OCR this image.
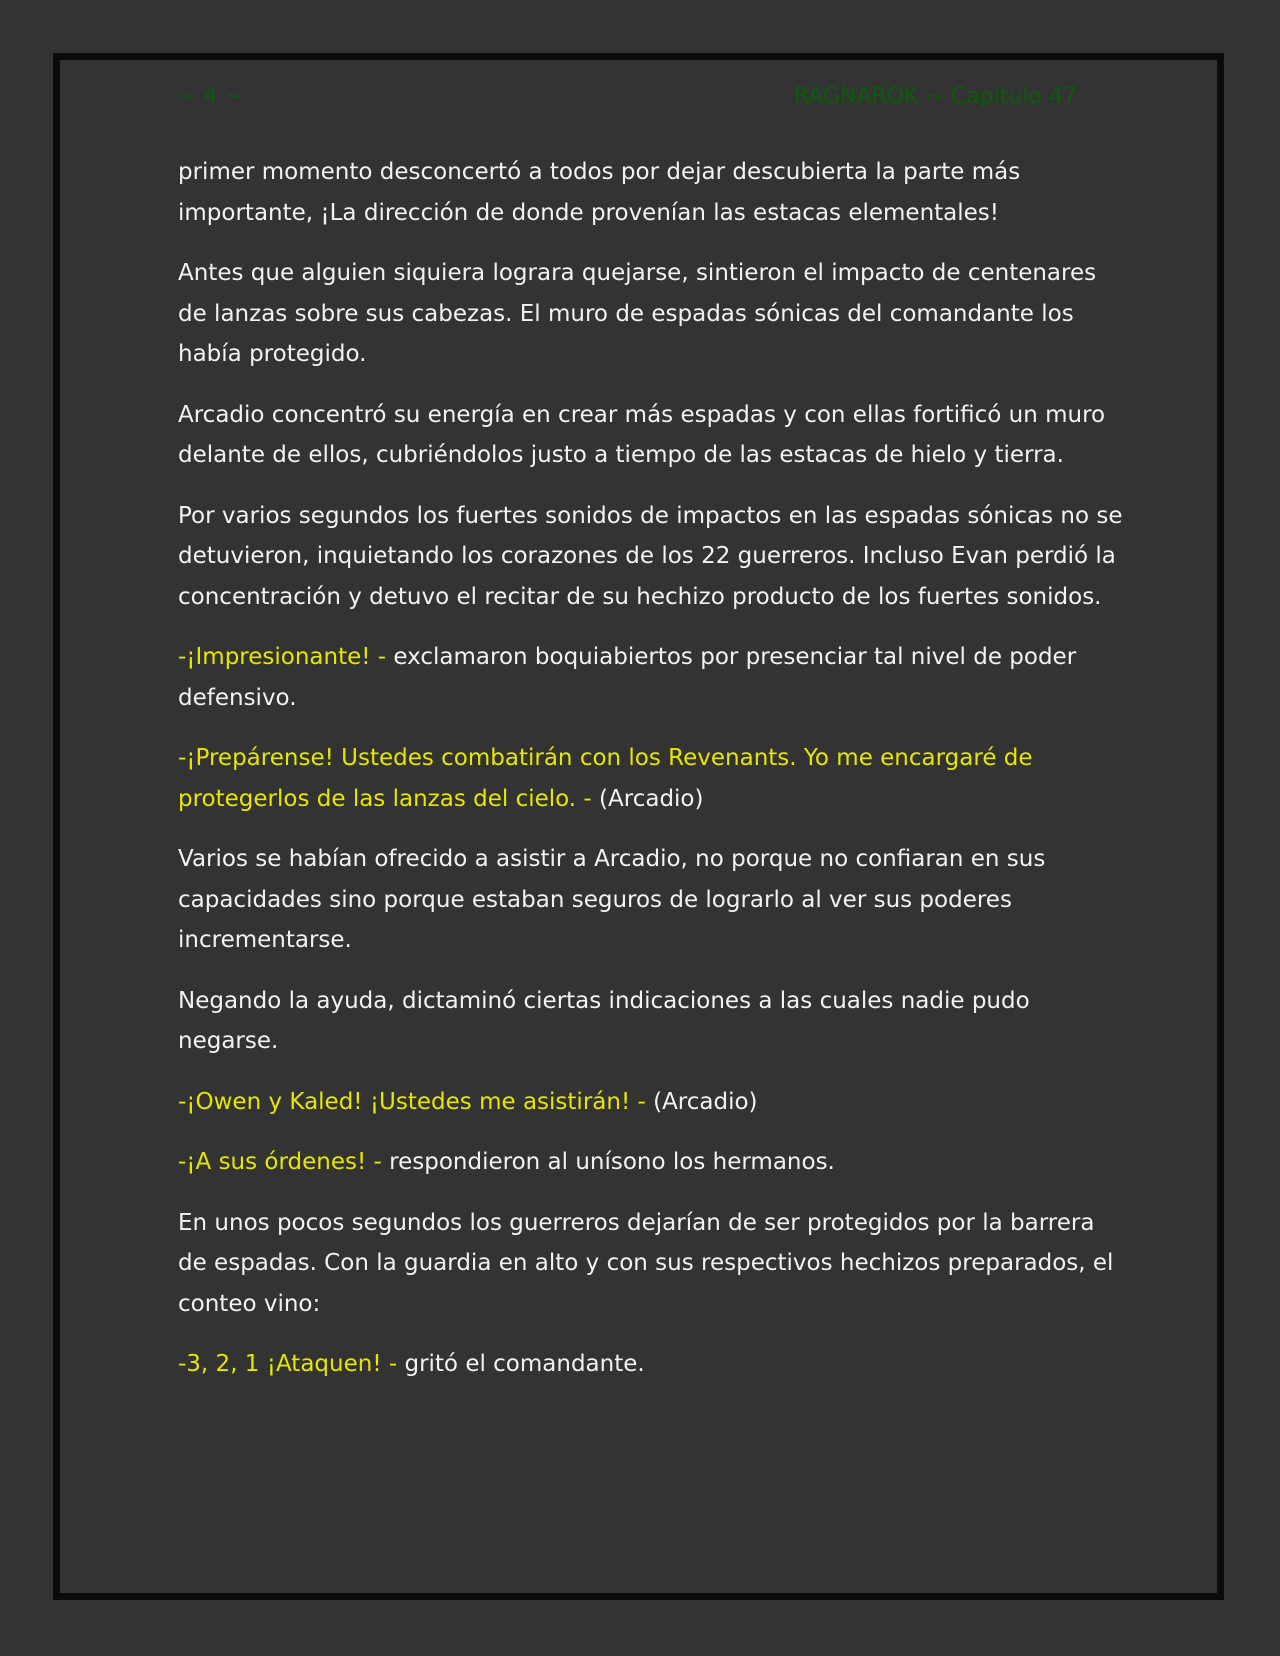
~ 4 ~	RAGNAROK ~ Capítulo 47

primer momento desconcertó a todos por dejar descubierta la parte más importante, ¡La dirección de donde provenían las estacas elementales!

Antes que alguien siquiera lograra quejarse, sintieron el impacto de centenares de lanzas sobre sus cabezas. El muro de espadas sónicas del comandante los había protegido.

Arcadio concentró su energía en crear más espadas y con ellas fortificó un muro delante de ellos, cubriéndolos justo a tiempo de las estacas de hielo y tierra.

Por varios segundos los fuertes sonidos de impactos en las espadas sónicas no se detuvieron, inquietando los corazones de los 22 guerreros. Incluso Evan perdió la concentración y detuvo el recitar de su hechizo producto de los fuertes sonidos.

-¡Impresionante! - exclamaron boquiabiertos por presenciar tal nivel de poder defensivo.

-¡Prepárense! Ustedes combatirán con los Revenants. Yo me encargaré de protegerlos de las lanzas del cielo. - (Arcadio)

Varios se habían ofrecido a asistir a Arcadio, no porque no confiaran en sus capacidades sino porque estaban seguros de lograrlo al ver sus poderes incrementarse.

Negando la ayuda, dictaminó ciertas indicaciones a las cuales nadie pudo negarse.

-¡Owen y Kaled! ¡Ustedes me asistirán! - (Arcadio)

-¡A sus órdenes! - respondieron al unísono los hermanos.

En unos pocos segundos los guerreros dejarían de ser protegidos por la barrera de espadas. Con la guardia en alto y con sus respectivos hechizos preparados, el conteo vino:

-3, 2, 1 ¡Ataquen! - gritó el comandante.
